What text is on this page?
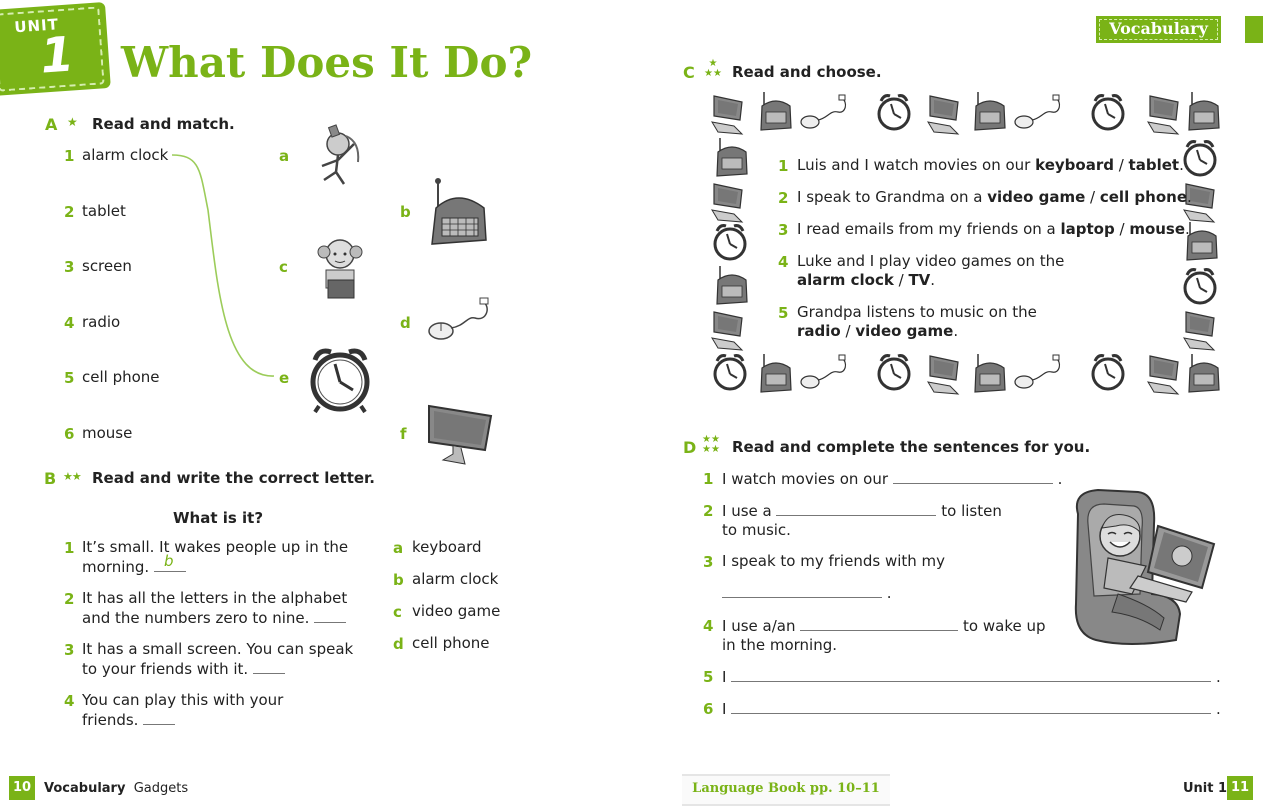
UNIT
1 What Does It Do?
Vocabulary
A ★ Read and match.
1 alarm clock
2 tablet
3 screen
4 radio
5 cell phone
6 mouse
a
b
c
d
e
f
B ★★ Read and write the correct letter.
What is it?
1 It’s small. It wakes people up in the
morning. b
2 It has all the letters in the alphabet
and the numbers zero to nine.
3 It has a small screen. You can speak
to your friends with it.
4 You can play this with your
friends.
a keyboard
b alarm clock
c video game
d cell phone
C	★
★★ Read and choose.
1 Luis and I watch movies on our keyboard / tablet.
2 I speak to Grandma on a video game / cell phone.
3 I read emails from my friends on a laptop / mouse.
4 Luke and I play video games on the
alarm clock / TV.
5 Grandpa listens to music on the
radio / video game.
D ★★
★★ Read and complete the sentences for you.
1 I watch movies on our	.
2 I use a	to listen
to music.
3 I speak to my friends with my
.
4 I use a/an	to wake up
in the morning.
5 I	.
6 I	.
10 Vocabulary Gadgets	Language Book pp. 10–11	Unit 1 11
